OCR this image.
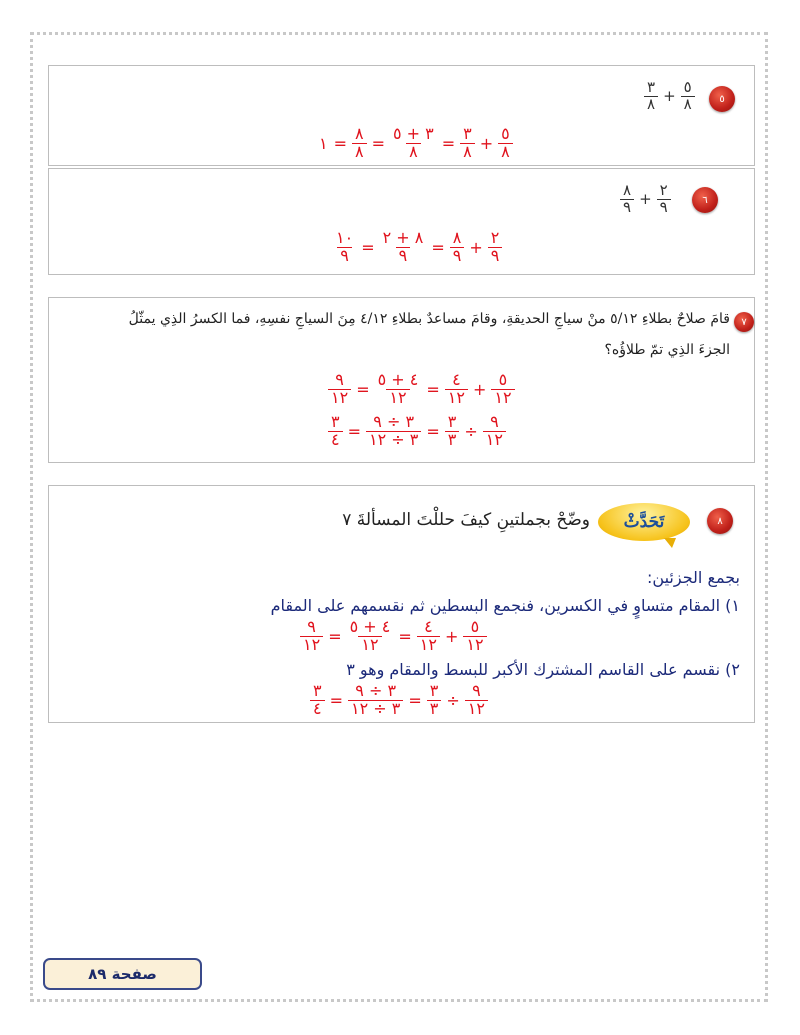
٥
$\frac{٣}{٨} + \frac{٥}{٨}$
١ = $\frac{٨}{٨} = \frac{٣ + ٥}{٨} = \frac{٣}{٨} + \frac{٥}{٨}$
٦
$\frac{٨}{٩} + \frac{٢}{٩}$
$\frac{١٠}{٩} = \frac{٨ + ٢}{٩} = \frac{٨}{٩} + \frac{٢}{٩}$
٧
قامَ صلاحٌ بطلاءِ ٥/١٢ منْ سياجِ الحديقةِ، وقامَ مساعدٌ بطلاءِ ٤/١٢ مِنَ السياجِ نفسِهِ، فما الكسرُ الذِي يمثّلُ
الجزءَ الذِي تمّ طلاؤُه؟
$\frac{٩}{١٢} = \frac{٤ + ٥}{١٢} = \frac{٤}{١٢} + \frac{٥}{١٢}$
$\frac{٣}{٤} = \frac{٣ \div ٩}{٣ \div ١٢} = \frac{٣}{٣} \div \frac{٩}{١٢}$
٨
تَحَدَّثْ
وضّحْ بجملتينِ كيفَ حللْتَ المسألةَ ٧
بجمع الجزئين:
١) المقام متساوٍ في الكسرين، فنجمع البسطين ثم نقسمهم على المقام
$\frac{٩}{١٢} = \frac{٤ + ٥}{١٢} = \frac{٤}{١٢} + \frac{٥}{١٢}$
٢) نقسم على القاسم المشترك الأكبر للبسط والمقام وهو ٣
$\frac{٣}{٤} = \frac{٣ \div ٩}{٣ \div ١٢} = \frac{٣}{٣} \div \frac{٩}{١٢}$
صفحة ٨٩
